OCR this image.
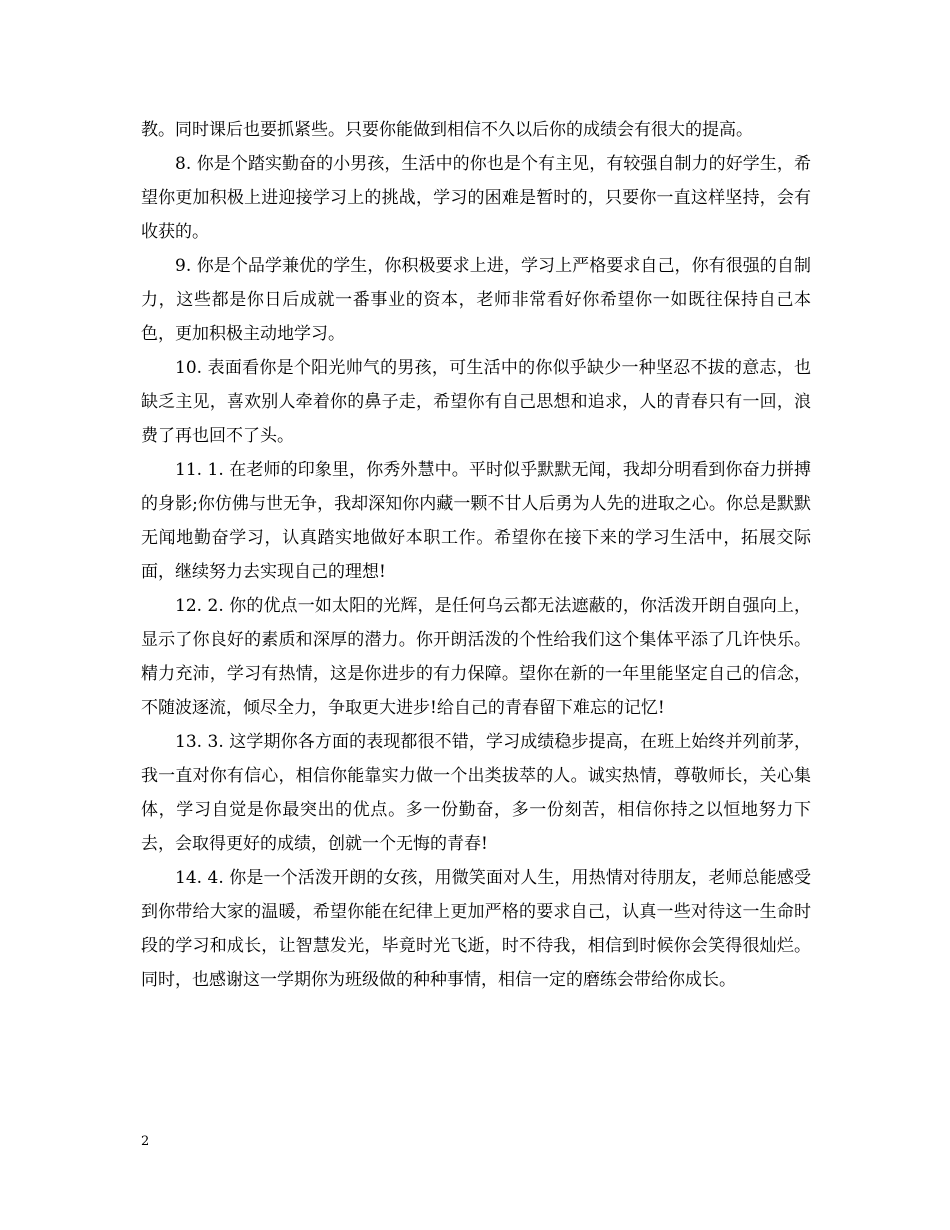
教。同时课后也要抓紧些。只要你能做到相信不久以后你的成绩会有很大的提高。

8. 你是个踏实勤奋的小男孩，生活中的你也是个有主见，有较强自制力的好学生，希望你更加积极上进迎接学习上的挑战，学习的困难是暂时的，只要你一直这样坚持，会有收获的。

9. 你是个品学兼优的学生，你积极要求上进，学习上严格要求自己，你有很强的自制力，这些都是你日后成就一番事业的资本，老师非常看好你希望你一如既往保持自己本色，更加积极主动地学习。

10. 表面看你是个阳光帅气的男孩，可生活中的你似乎缺少一种坚忍不拔的意志，也缺乏主见，喜欢别人牵着你的鼻子走，希望你有自己思想和追求，人的青春只有一回，浪费了再也回不了头。

11. 1. 在老师的印象里，你秀外慧中。平时似乎默默无闻，我却分明看到你奋力拼搏的身影;你仿佛与世无争，我却深知你内藏一颗不甘人后勇为人先的进取之心。你总是默默无闻地勤奋学习，认真踏实地做好本职工作。希望你在接下来的学习生活中，拓展交际面，继续努力去实现自己的理想!

12. 2. 你的优点一如太阳的光辉，是任何乌云都无法遮蔽的，你活泼开朗自强向上，显示了你良好的素质和深厚的潜力。你开朗活泼的个性给我们这个集体平添了几许快乐。精力充沛，学习有热情，这是你进步的有力保障。望你在新的一年里能坚定自己的信念，不随波逐流，倾尽全力，争取更大进步!给自己的青春留下难忘的记忆!

13. 3. 这学期你各方面的表现都很不错，学习成绩稳步提高，在班上始终并列前茅，我一直对你有信心，相信你能靠实力做一个出类拔萃的人。诚实热情，尊敬师长，关心集体，学习自觉是你最突出的优点。多一份勤奋，多一份刻苦，相信你持之以恒地努力下去，会取得更好的成绩，创就一个无悔的青春!

14. 4. 你是一个活泼开朗的女孩，用微笑面对人生，用热情对待朋友，老师总能感受到你带给大家的温暖，希望你能在纪律上更加严格的要求自己，认真一些对待这一生命时段的学习和成长，让智慧发光，毕竟时光飞逝，时不待我，相信到时候你会笑得很灿烂。同时，也感谢这一学期你为班级做的种种事情，相信一定的磨练会带给你成长。

2
